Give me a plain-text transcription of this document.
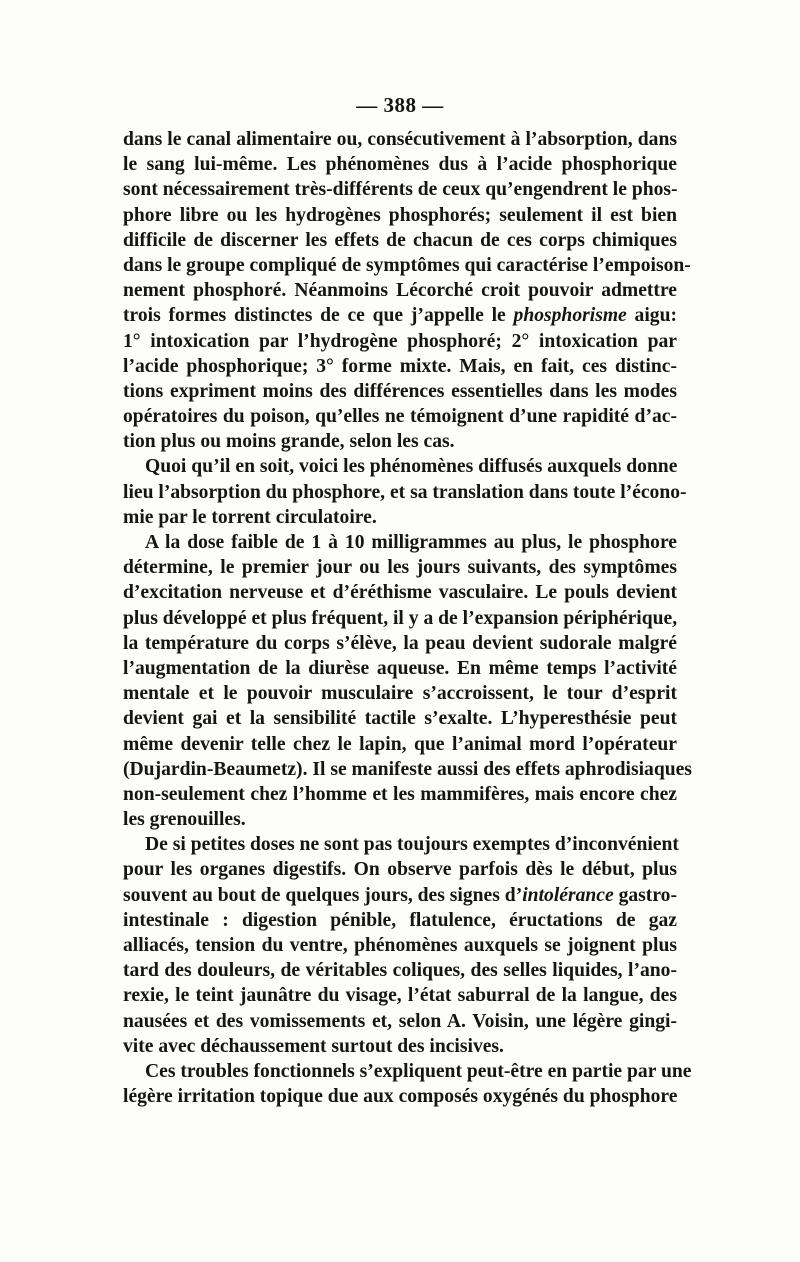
— 388 —
dans le canal alimentaire ou, consécutivement à l’absorption, dans
le sang lui-même. Les phénomènes dus à l’acide phosphorique
sont nécessairement très-différents de ceux qu’engendrent le phos-
phore libre ou les hydrogènes phosphorés; seulement il est bien
difficile de discerner les effets de chacun de ces corps chimiques
dans le groupe compliqué de symptômes qui caractérise l’empoison-
nement phosphoré. Néanmoins Lécorché croit pouvoir admettre
trois formes distinctes de ce que j’appelle le phosphorisme aigu:
1° intoxication par l’hydrogène phosphoré; 2° intoxication par
l’acide phosphorique; 3° forme mixte. Mais, en fait, ces distinc-
tions expriment moins des différences essentielles dans les modes
opératoires du poison, qu’elles ne témoignent d’une rapidité d’ac-
tion plus ou moins grande, selon les cas.
Quoi qu’il en soit, voici les phénomènes diffusés auxquels donne
lieu l’absorption du phosphore, et sa translation dans toute l’écono-
mie par le torrent circulatoire.
A la dose faible de 1 à 10 milligrammes au plus, le phosphore
détermine, le premier jour ou les jours suivants, des symptômes
d’excitation nerveuse et d’éréthisme vasculaire. Le pouls devient
plus développé et plus fréquent, il y a de l’expansion périphérique,
la température du corps s’élève, la peau devient sudorale malgré
l’augmentation de la diurèse aqueuse. En même temps l’activité
mentale et le pouvoir musculaire s’accroissent, le tour d’esprit
devient gai et la sensibilité tactile s’exalte. L’hyperesthésie peut
même devenir telle chez le lapin, que l’animal mord l’opérateur
(Dujardin-Beaumetz). Il se manifeste aussi des effets aphrodisiaques
non-seulement chez l’homme et les mammifères, mais encore chez
les grenouilles.
De si petites doses ne sont pas toujours exemptes d’inconvénient
pour les organes digestifs. On observe parfois dès le début, plus
souvent au bout de quelques jours, des signes d’intolérance gastro-
intestinale : digestion pénible, flatulence, éructations de gaz
alliacés, tension du ventre, phénomènes auxquels se joignent plus
tard des douleurs, de véritables coliques, des selles liquides, l’ano-
rexie, le teint jaunâtre du visage, l’état saburral de la langue, des
nausées et des vomissements et, selon A. Voisin, une légère gingi-
vite avec déchaussement surtout des incisives.
Ces troubles fonctionnels s’expliquent peut-être en partie par une
légère irritation topique due aux composés oxygénés du phosphore
